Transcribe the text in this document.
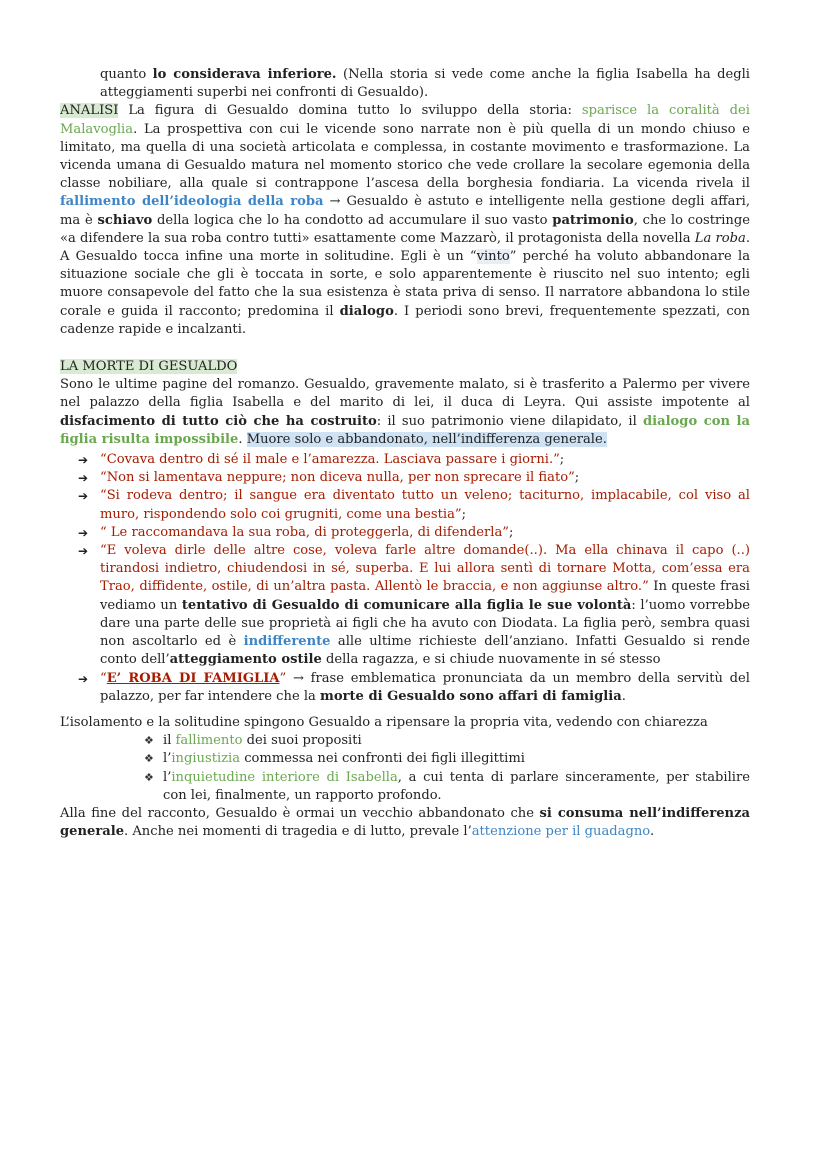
quanto lo considerava inferiore. (Nella storia si vede come anche la figlia Isabella ha degli atteggiamenti superbi nei confronti di Gesualdo).

ANALISI La figura di Gesualdo domina tutto lo sviluppo della storia: sparisce la coralità dei Malavoglia. La prospettiva con cui le vicende sono narrate non è più quella di un mondo chiuso e limitato, ma quella di una società articolata e complessa, in costante movimento e trasformazione. La vicenda umana di Gesualdo matura nel momento storico che vede crollare la secolare egemonia della classe nobiliare, alla quale si contrappone l’ascesa della borghesia fondiaria. La vicenda rivela il fallimento dell’ideologia della roba → Gesualdo è astuto e intelligente nella gestione degli affari, ma è schiavo della logica che lo ha condotto ad accumulare il suo vasto patrimonio, che lo costringe «a difendere la sua roba contro tutti» esattamente come Mazzarò, il protagonista della novella La roba. A Gesualdo tocca infine una morte in solitudine. Egli è un “vinto” perché ha voluto abbandonare la situazione sociale che gli è toccata in sorte, e solo apparentemente è riuscito nel suo intento; egli muore consapevole del fatto che la sua esistenza è stata priva di senso. Il narratore abbandona lo stile corale e guida il racconto; predomina il dialogo. I periodi sono brevi, frequentemente spezzati, con cadenze rapide e incalzanti.

LA MORTE DI GESUALDO

Sono le ultime pagine del romanzo. Gesualdo, gravemente malato, si è trasferito a Palermo per vivere nel palazzo della figlia Isabella e del marito di lei, il duca di Leyra. Qui assiste impotente al disfacimento di tutto ciò che ha costruito: il suo patrimonio viene dilapidato, il dialogo con la figlia risulta impossibile. Muore solo e abbandonato, nell’indifferenza generale.

➔ “Covava dentro di sé il male e l’amarezza. Lasciava passare i giorni.”;
➔ “Non si lamentava neppure; non diceva nulla, per non sprecare il fiato”;
➔ “Si rodeva dentro; il sangue era diventato tutto un veleno; taciturno, implacabile, col viso al muro, rispondendo solo coi grugniti, come una bestia”;
➔ “ Le raccomandava la sua roba, di proteggerla, di difenderla”;
➔ “E voleva dirle delle altre cose, voleva farle altre domande(..). Ma ella chinava il capo (..) tirandosi indietro, chiudendosi in sé, superba. E lui allora sentì di tornare Motta, com’essa era Trao, diffidente, ostile, di un’altra pasta. Allentò le braccia, e non aggiunse altro.” In queste frasi vediamo un tentativo di Gesualdo di comunicare alla figlia le sue volontà: l’uomo vorrebbe dare una parte delle sue proprietà ai figli che ha avuto con Diodata. La figlia però, sembra quasi non ascoltarlo ed è indifferente alle ultime richieste dell’anziano. Infatti Gesualdo si rende conto dell’atteggiamento ostile della ragazza, e si chiude nuovamente in sé stesso
➔ “E’ ROBA DI FAMIGLIA” → frase emblematica pronunciata da un membro della servitù del palazzo, per far intendere che la morte di Gesualdo sono affari di famiglia.

L’isolamento e la solitudine spingono Gesualdo a ripensare la propria vita, vedendo con chiarezza

❖ il fallimento dei suoi propositi
❖ l’ingiustizia commessa nei confronti dei figli illegittimi
❖ l’inquietudine interiore di Isabella, a cui tenta di parlare sinceramente, per stabilire con lei, finalmente, un rapporto profondo.

Alla fine del racconto, Gesualdo è ormai un vecchio abbandonato che si consuma nell’indifferenza generale. Anche nei momenti di tragedia e di lutto, prevale l’attenzione per il guadagno.
